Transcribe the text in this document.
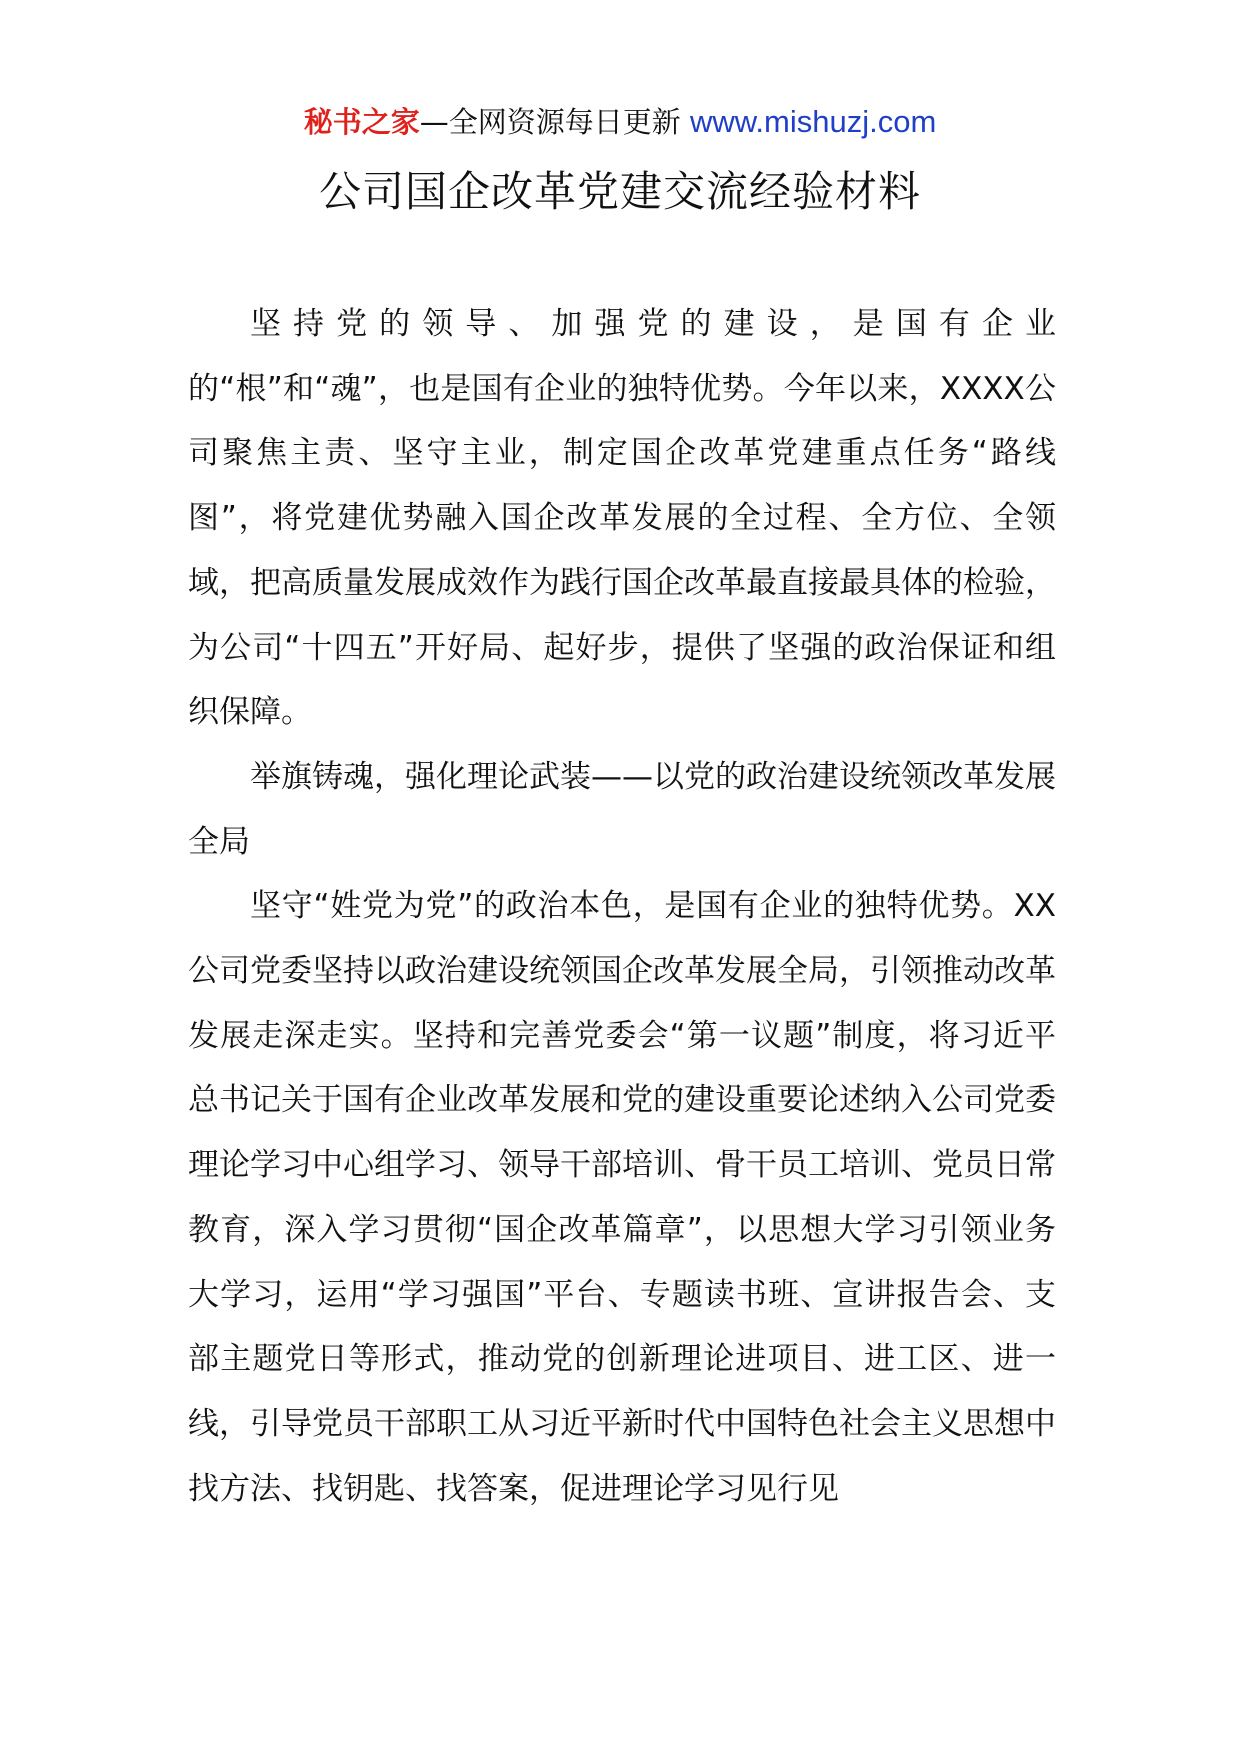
秘书之家—全网资源每日更新 www.mishuzj.com
公司国企改革党建交流经验材料

坚持党的领导、加强党的建设，是国有企业的“根”和“魂”，也是国有企业的独特优势。今年以来，XXXX公司聚焦主责、坚守主业，制定国企改革党建重点任务“路线图”，将党建优势融入国企改革发展的全过程、全方位、全领域，把高质量发展成效作为践行国企改革最直接最具体的检验，为公司“十四五”开好局、起好步，提供了坚强的政治保证和组织保障。

举旗铸魂，强化理论武装——以党的政治建设统领改革发展全局

坚守“姓党为党”的政治本色，是国有企业的独特优势。XX公司党委坚持以政治建设统领国企改革发展全局，引领推动改革发展走深走实。坚持和完善党委会“第一议题”制度，将习近平总书记关于国有企业改革发展和党的建设重要论述纳入公司党委理论学习中心组学习、领导干部培训、骨干员工培训、党员日常教育，深入学习贯彻“国企改革篇章”，以思想大学习引领业务大学习，运用“学习强国”平台、专题读书班、宣讲报告会、支部主题党日等形式，推动党的创新理论进项目、进工区、进一线，引导党员干部职工从习近平新时代中国特色社会主义思想中找方法、找钥匙、找答案，促进理论学习见行见
